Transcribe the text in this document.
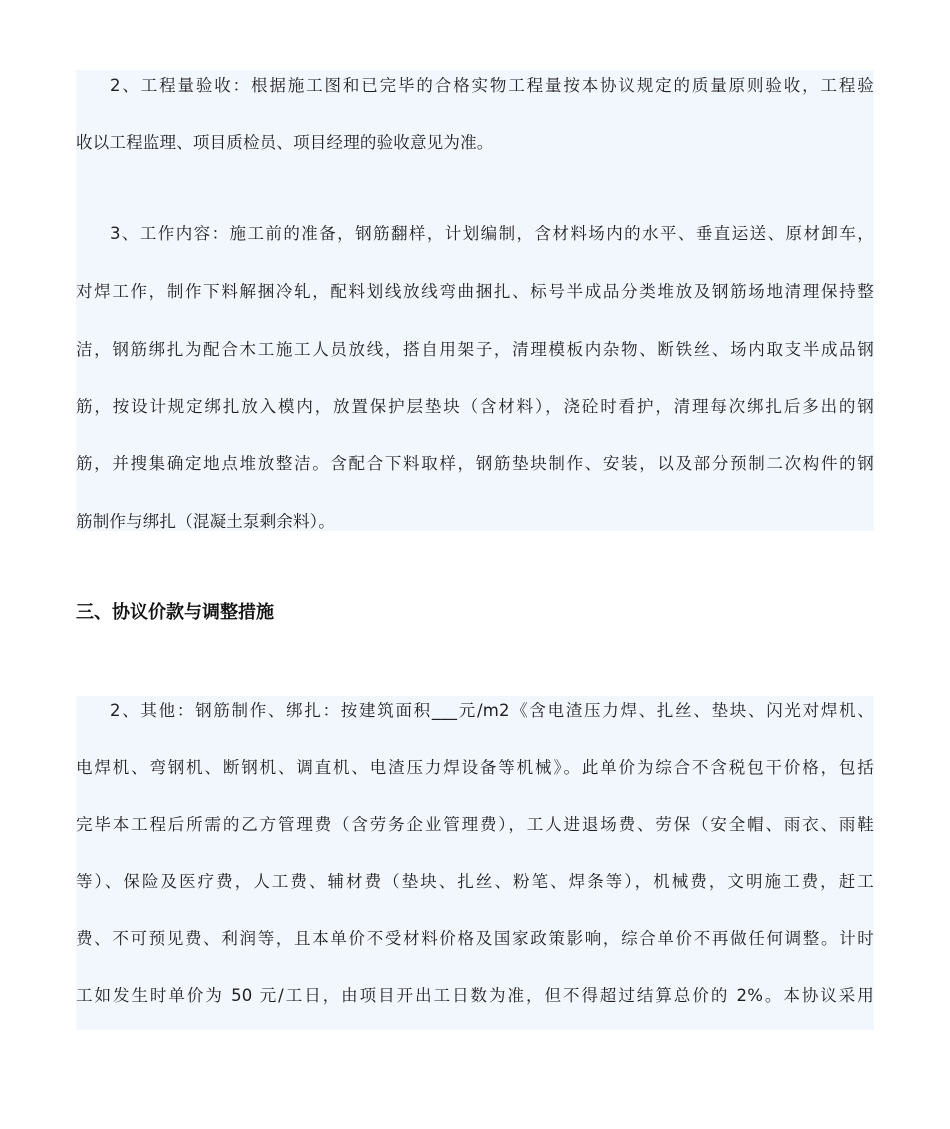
2、工程量验收：根据施工图和已完毕的合格实物工程量按本协议规定的质量原则验收，工程验
收以工程监理、项目质检员、项目经理的验收意见为准。
3、工作内容：施工前的准备，钢筋翻样，计划编制，含材料场内的水平、垂直运送、原材卸车，
对焊工作，制作下料解捆冷轧，配料划线放线弯曲捆扎、标号半成品分类堆放及钢筋场地清理保持整
洁，钢筋绑扎为配合木工施工人员放线，搭自用架子，清理模板内杂物、断铁丝、场内取支半成品钢
筋，按设计规定绑扎放入模内，放置保护层垫块（含材料），浇砼时看护，清理每次绑扎后多出的钢
筋，并搜集确定地点堆放整洁。含配合下料取样，钢筋垫块制作、安装，以及部分预制二次构件的钢
筋制作与绑扎（混凝土泵剩余料）。
三、协议价款与调整措施
2、其他：钢筋制作、绑扎：按建筑面积___元/m2《含电渣压力焊、扎丝、垫块、闪光对焊机、
电焊机、弯钢机、断钢机、调直机、电渣压力焊设备等机械》。此单价为综合不含税包干价格，包括
完毕本工程后所需的乙方管理费（含劳务企业管理费），工人进退场费、劳保（安全帽、雨衣、雨鞋
等）、保险及医疗费，人工费、辅材费（垫块、扎丝、粉笔、焊条等），机械费，文明施工费，赶工
费、不可预见费、利润等，且本单价不受材料价格及国家政策影响，综合单价不再做任何调整。计时
工如发生时单价为 50 元/工日，由项目开出工日数为准，但不得超过结算总价的 2%。本协议采用
